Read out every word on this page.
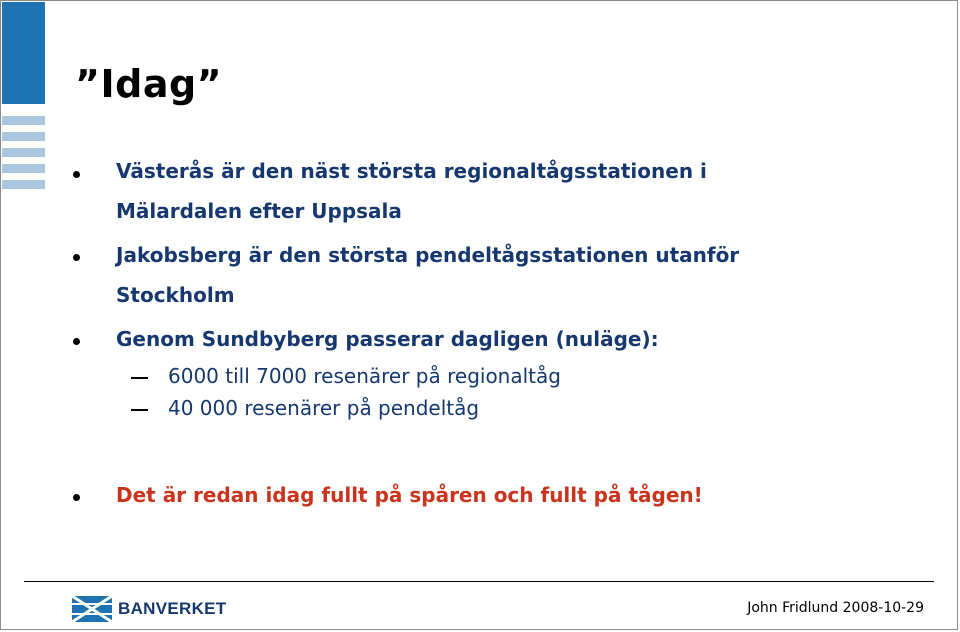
”Idag”
Västerås är den näst största regionaltågsstationen i
Mälardalen efter Uppsala
Jakobsberg är den största pendeltågsstationen utanför
Stockholm
Genom Sundbyberg passerar dagligen (nuläge):
6000 till 7000 resenärer på regionaltåg
40 000 resenärer på pendeltåg
Det är redan idag fullt på spåren och fullt på tågen!
BANVERKET	John Fridlund 2008-10-29
